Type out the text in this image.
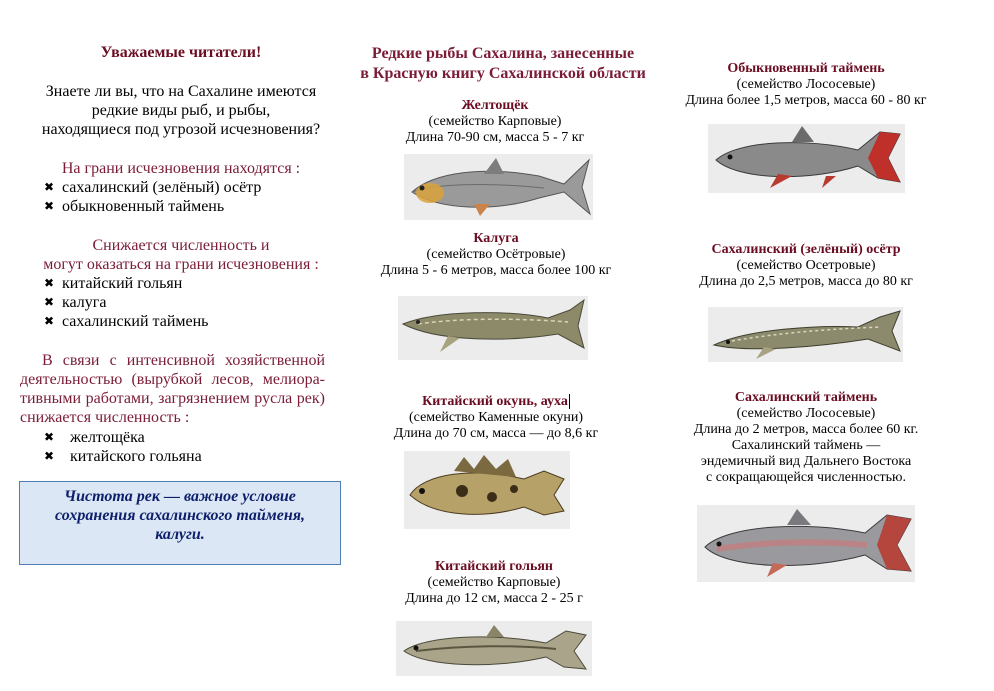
Уважаемые читатели!
Знаете ли вы, что на Сахалине имеются
редкие виды рыб, и рыбы,
находящиеся под угрозой исчезновения?
На грани исчезновения находятся :
✖ сахалинский (зелёный) осётр
✖ обыкновенный таймень
Снижается численность и
могут оказаться на грани исчезновения :
✖ китайский гольян
✖ калуга
✖ сахалинский таймень
В связи с интенсивной хозяйственной деятельностью (вырубкой лесов, мелиора- тивными работами, загрязнением русла рек) снижается численность :
✖ желтощёка
✖ китайского гольяна
Чистота рек — важное условие сохранения сахалинского тайменя, калуги.
Редкие рыбы Сахалина, занесенные
в Красную книгу Сахалинской области
Желтощёк
(семейство Карповые)
Длина 70-90 см, масса 5 - 7 кг
Калуга
(семейство Осётровые)
Длина 5 - 6 метров, масса более 100 кг
Китайский окунь, ауха
(семейство Каменные окуни)
Длина до 70 см, масса — до 8,6 кг
Китайский гольян
(семейство Карповые)
Длина до 12 см, масса 2 - 25 г
Обыкновенный таймень
(семейство Лососевые)
Длина более 1,5 метров, масса 60 - 80 кг
Сахалинский (зелёный) осётр
(семейство Осетровые)
Длина до 2,5 метров, масса до 80 кг
Сахалинский таймень
(семейство Лососевые)
Длина до 2 метров, масса более 60 кг.
Сахалинский таймень —
эндемичный вид Дальнего Востока
с сокращающейся численностью.
